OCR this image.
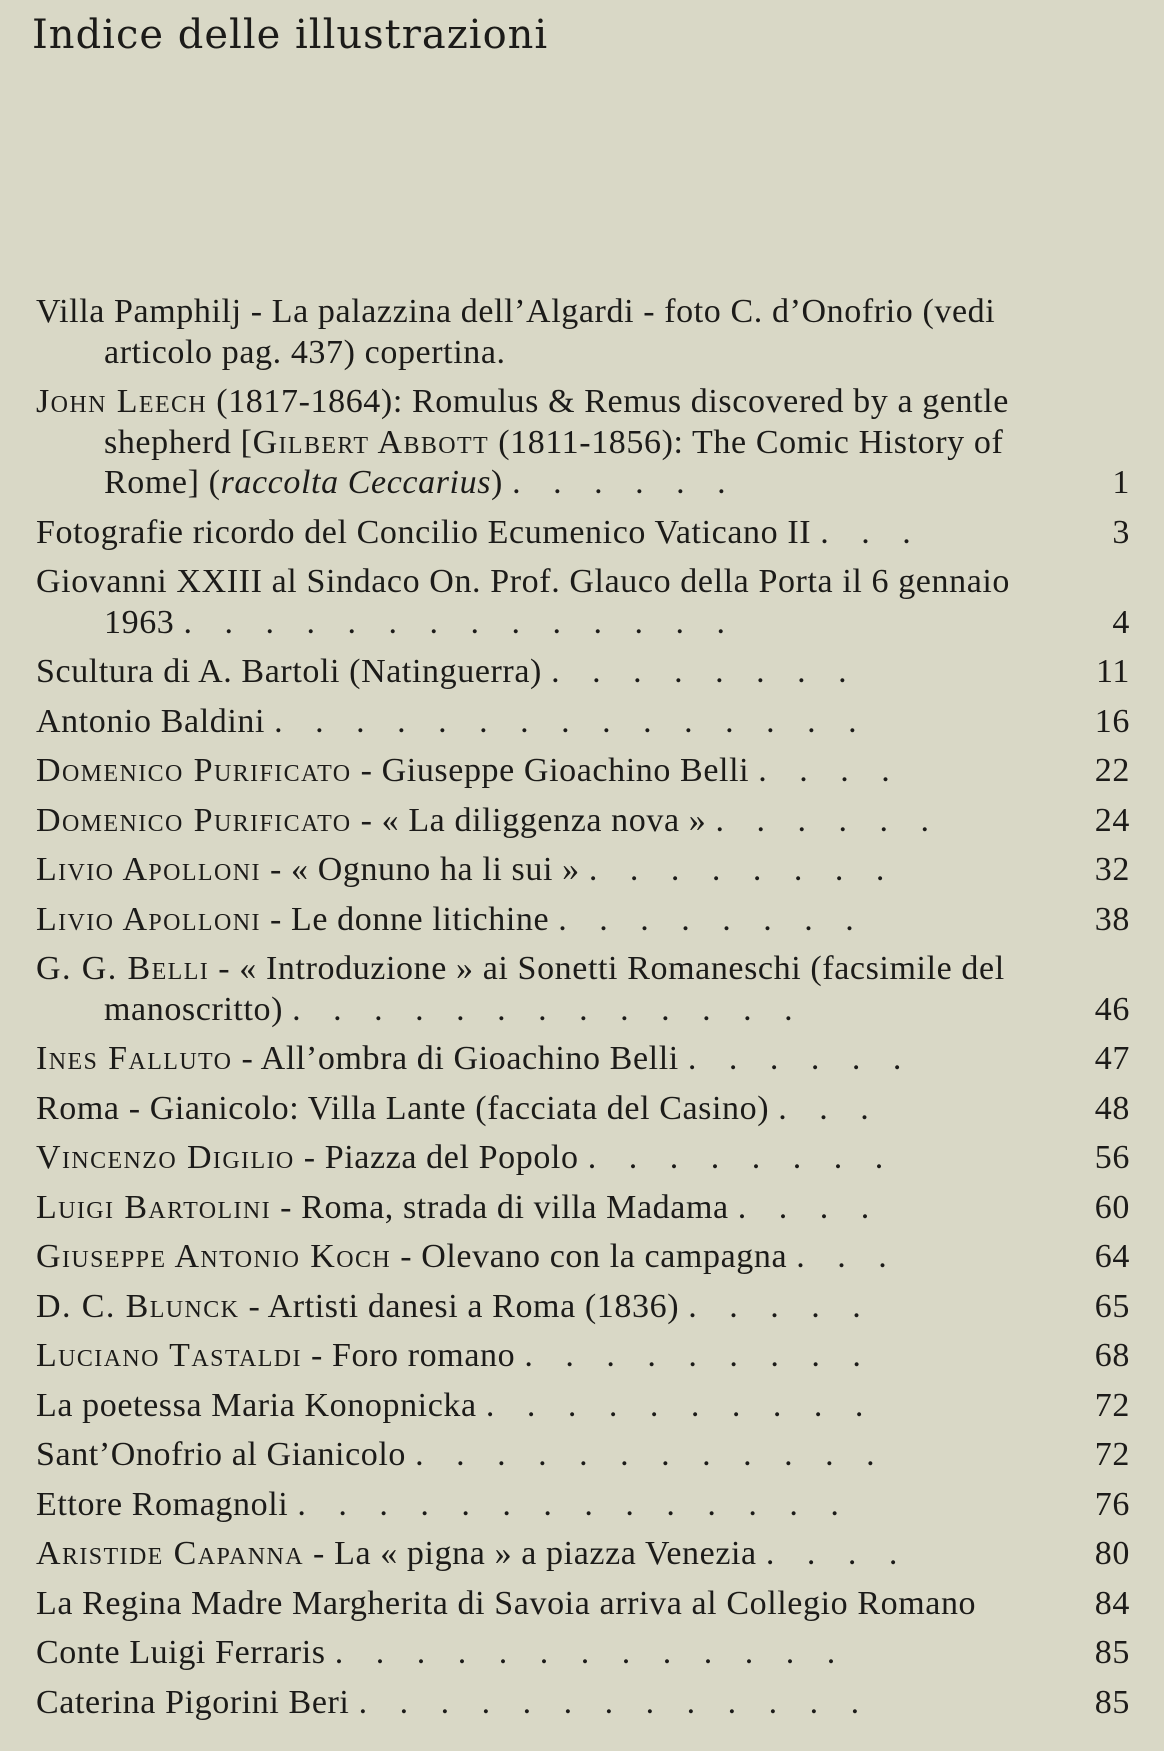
Indice delle illustrazioni
Villa Pamphilj - La palazzina dell’Algardi - foto C. d’Onofrio (vedi articolo pag. 437) copertina.
John Leech (1817-1864): Romulus & Remus discovered by a gentle shepherd [Gilbert Abbott (1811-1856): The Comic History of Rome] (raccolta Ceccarius) . . . . . .	1
Fotografie ricordo del Concilio Ecumenico Vaticano II . . .	3
Giovanni XXIII al Sindaco On. Prof. Glauco della Porta il 6 gennaio 1963 . . . . . . . . . . . . . .	4
Scultura di A. Bartoli (Natinguerra) . . . . . . . .	11
Antonio Baldini . . . . . . . . . . . . . . .	16
Domenico Purificato - Giuseppe Gioachino Belli . . . .	22
Domenico Purificato - « La diliggenza nova » . . . . . .	24
Livio Apolloni - « Ognuno ha li sui » . . . . . . . .	32
Livio Apolloni - Le donne litichine . . . . . . . .	38
G. G. Belli - « Introduzione » ai Sonetti Romaneschi (facsimile del manoscritto) . . . . . . . . . . . . .	46
Ines Falluto - All’ombra di Gioachino Belli . . . . . .	47
Roma - Gianicolo: Villa Lante (facciata del Casino) . . .	48
Vincenzo Digilio - Piazza del Popolo . . . . . . . .	56
Luigi Bartolini - Roma, strada di villa Madama . . . .	60
Giuseppe Antonio Koch - Olevano con la campagna . . .	64
D. C. Blunck - Artisti danesi a Roma (1836) . . . . .	65
Luciano Tastaldi - Foro romano . . . . . . . . .	68
La poetessa Maria Konopnicka . . . . . . . . . .	72
Sant’Onofrio al Gianicolo . . . . . . . . . . . .	72
Ettore Romagnoli . . . . . . . . . . . . . .	76
Aristide Capanna - La « pigna » a piazza Venezia . . . .	80
La Regina Madre Margherita di Savoia arriva al Collegio Romano	84
Conte Luigi Ferraris . . . . . . . . . . . . .	85
Caterina Pigorini Beri . . . . . . . . . . . . .	85
